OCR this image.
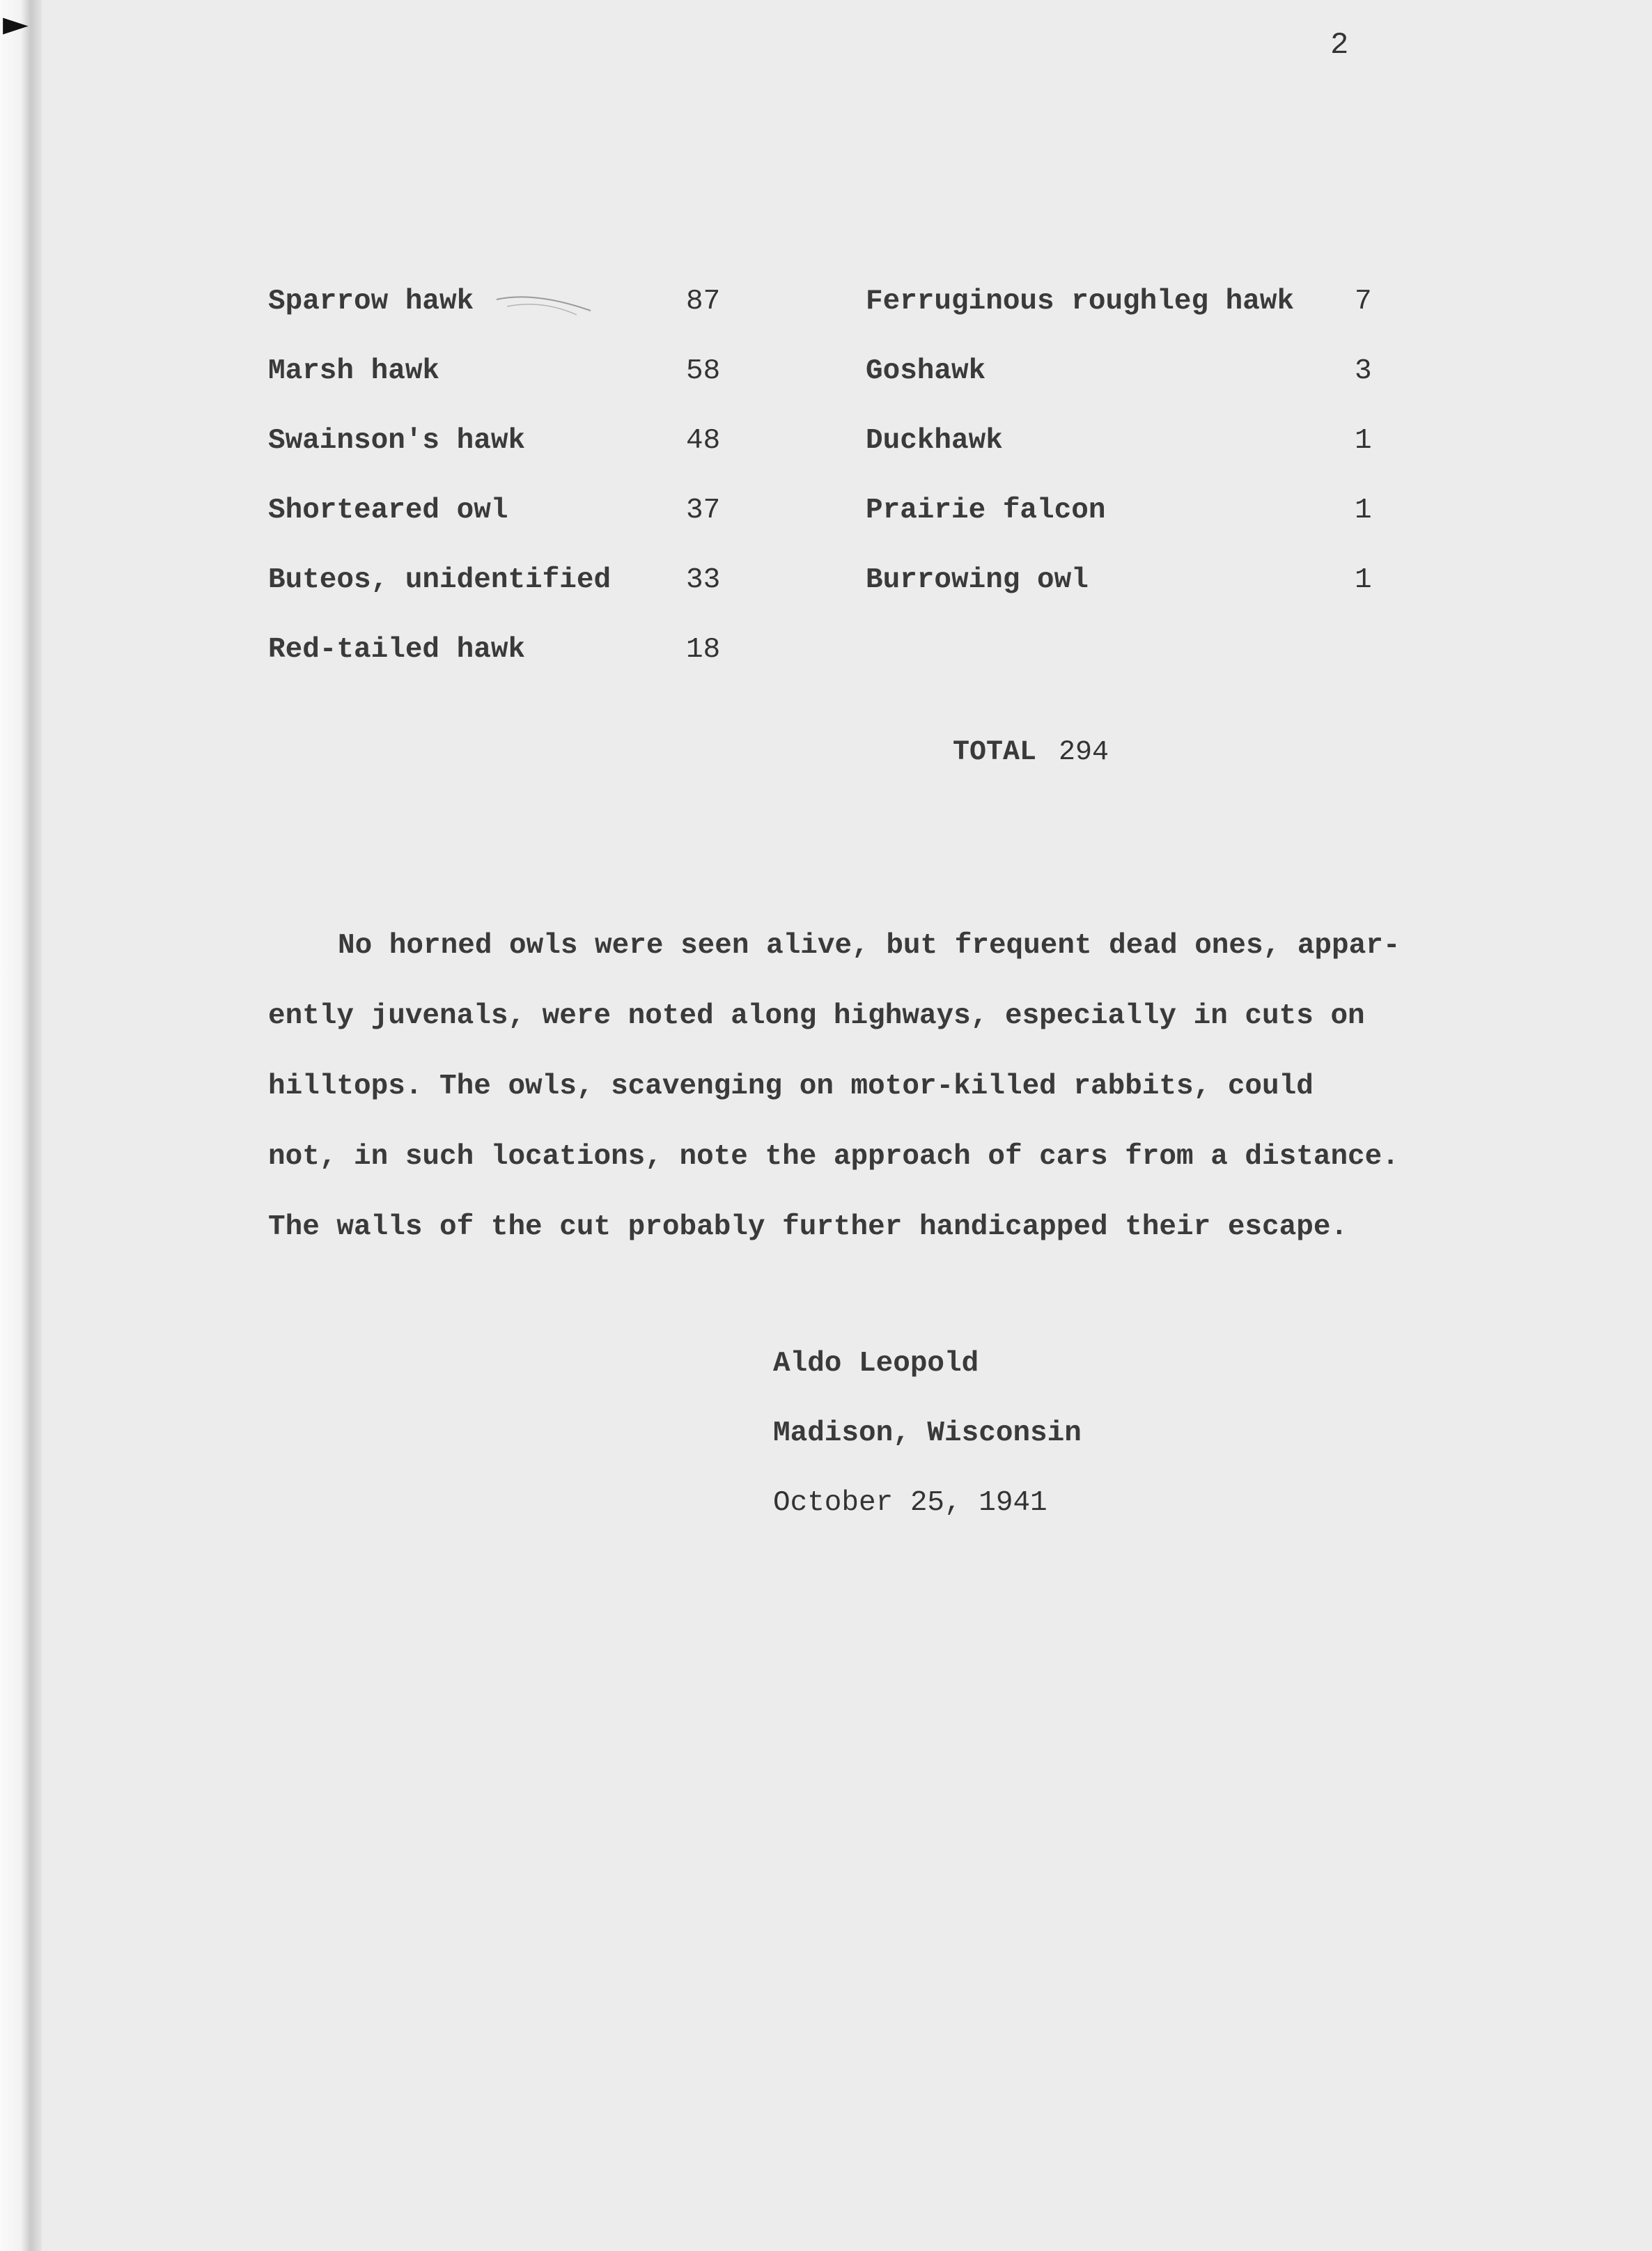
►
2
Sparrow hawk	87
Marsh hawk	58
Swainson's hawk	48
Shorteared owl	37
Buteos, unidentified	33
Red-tailed hawk	18
Ferruginous roughleg hawk 7
Goshawk	3
Duckhawk	1
Prairie falcon	1
Burrowing owl	1
TOTAL 294
No horned owls were seen alive, but frequent dead ones, appar-
ently juvenals, were noted along highways, especially in cuts on
hilltops. The owls, scavenging on motor-killed rabbits, could
not, in such locations, note the approach of cars from a distance.
The walls of the cut probably further handicapped their escape.
Aldo Leopold
Madison, Wisconsin
October 25, 1941
